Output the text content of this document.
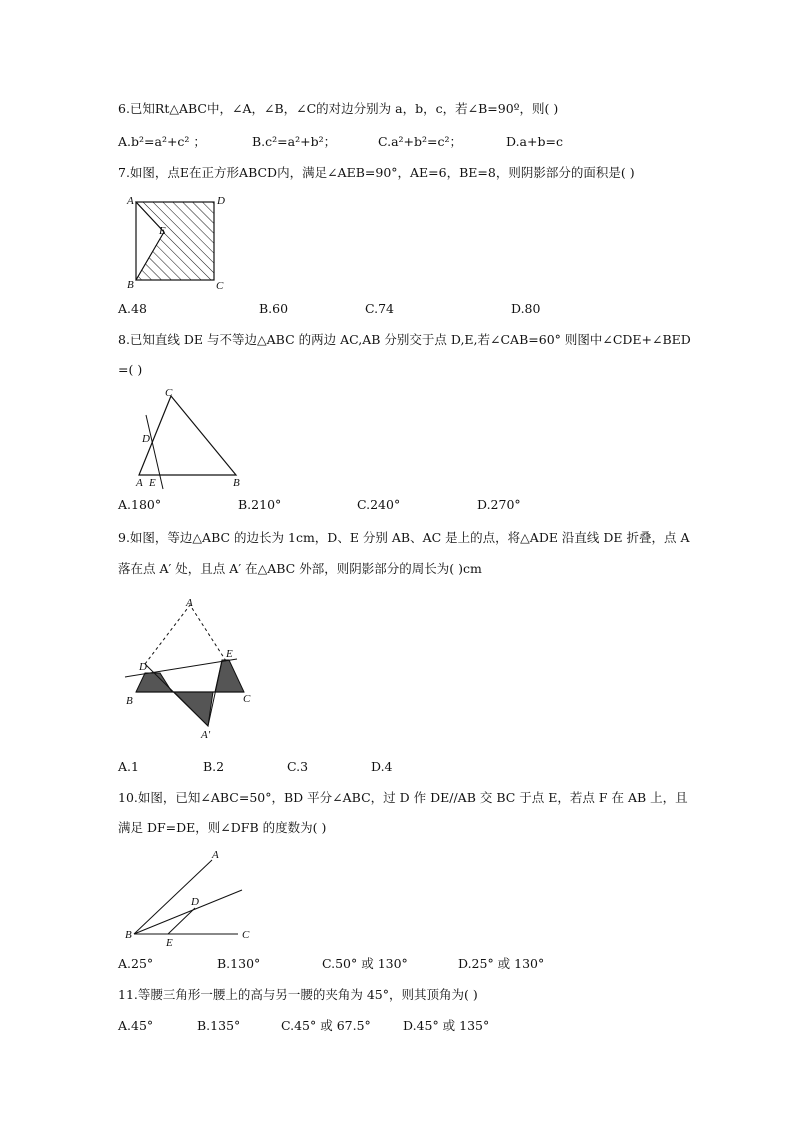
6.已知Rt△ABC中，∠A，∠B，∠C的对边分别为 a，b，c，若∠B=90º，则( )
A.b²=a²+c² ；	B.c²=a²+b²；	C.a²+b²=c²；	D.a+b=c
7.如图，点E在正方形ABCD内，满足∠AEB=90°，AE=6，BE=8，则阴影部分的面积是( )
A	D
E
B	C
A.48	B.60	C.74	D.80
8.已知直线 DE 与不等边△ABC 的两边 AC,AB 分别交于点 D,E,若∠CAB=60° 则图中∠CDE+∠BED
=( )
C
D
A E	B
A.180°	B.210°	C.240°	D.270°
9.如图，等边△ABC 的边长为 1cm，D、E 分别 AB、AC 是上的点，将△ADE 沿直线 DE 折叠，点 A
落在点 A′ 处，且点 A′ 在△ABC 外部，则阴影部分的周长为( )cm
A
D
E
B	C
A′
A.1	B.2	C.3	D.4
10.如图，已知∠ABC=50°，BD 平分∠ABC，过 D 作 DE//AB 交 BC 于点 E，若点 F 在 AB 上，且
满足 DF=DE，则∠DFB 的度数为( )
A
D
B
E
C
A.25°	B.130°	C.50° 或 130°	D.25° 或 130°
11.等腰三角形一腰上的高与另一腰的夹角为 45°，则其顶角为( )
A.45°	B.135°	C.45° 或 67.5°	D.45° 或 135°
